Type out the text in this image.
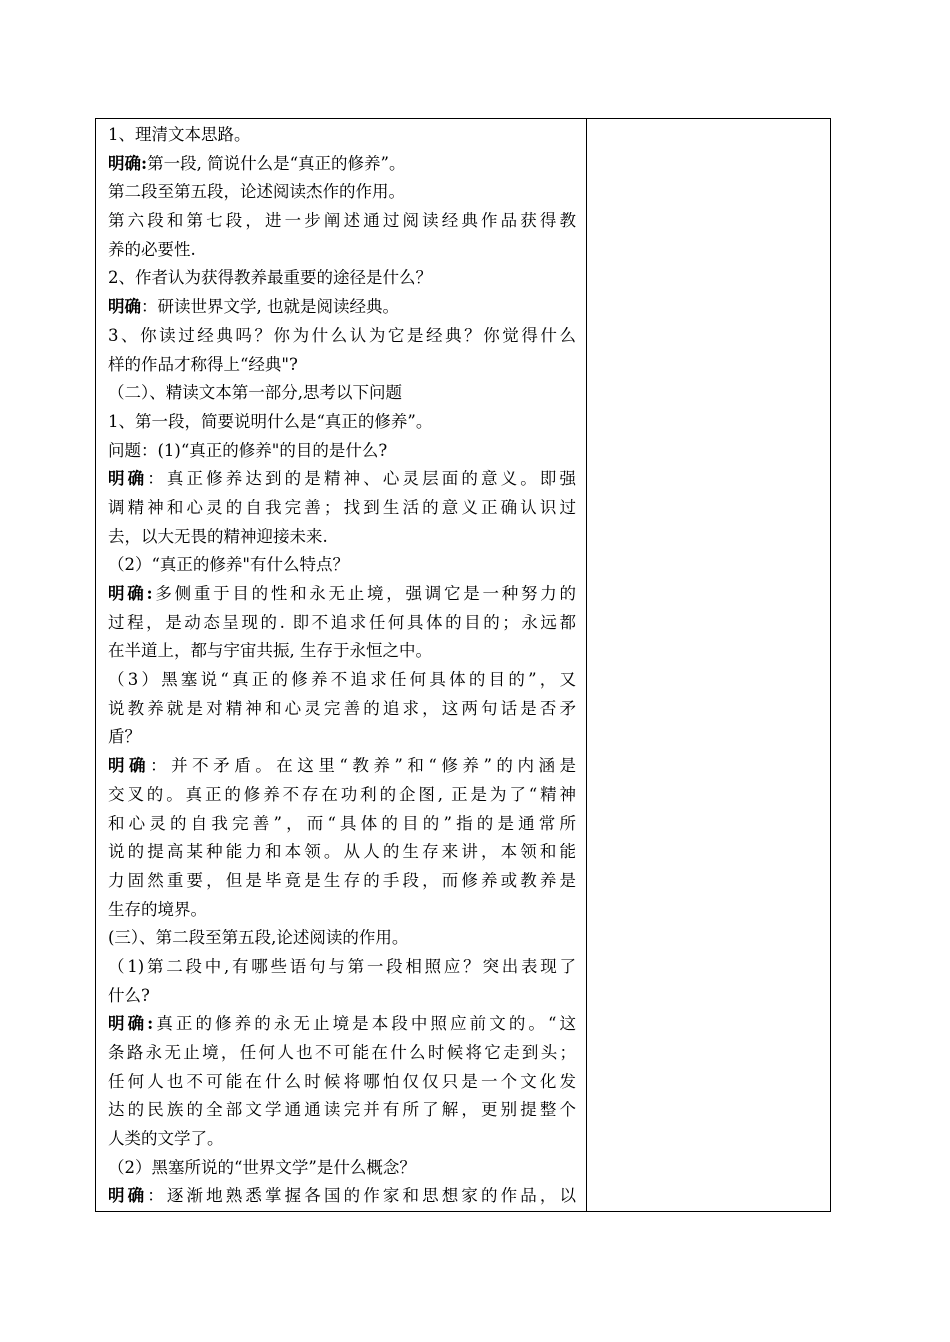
1、理清文本思路。
明确:第一段, 简说什么是“真正的修养”。
第二段至第五段，论述阅读杰作的作用。
第六段和第七段，进一步阐述通过阅读经典作品获得教
养的必要性.
2、作者认为获得教养最重要的途径是什么？
明确：研读世界文学, 也就是阅读经典。
3、你读过经典吗？你为什么认为它是经典？你觉得什么
样的作品才称得上“经典"?
（二）、精读文本第一部分,思考以下问题
1、第一段，简要说明什么是“真正的修养”。
问题：(1)“真正的修养"的目的是什么?
明确：真正修养达到的是精神、心灵层面的意义。即强
调精神和心灵的自我完善；找到生活的意义正确认识过
去，以大无畏的精神迎接未来.
（2）“真正的修养"有什么特点？
明确:多侧重于目的性和永无止境，强调它是一种努力的
过程，是动态呈现的. 即不追求任何具体的目的；永远都
在半道上，都与宇宙共振, 生存于永恒之中。
（3）黑塞说“真正的修养不追求任何具体的目的”，又
说教养就是对精神和心灵完善的追求，这两句话是否矛
盾？
明确：并不矛盾。在这里“教养”和“修养”的内涵是
交叉的。真正的修养不存在功利的企图, 正是为了“精神
和心灵的自我完善”，而“具体的目的”指的是通常所
说的提高某种能力和本领。从人的生存来讲，本领和能
力固然重要，但是毕竟是生存的手段，而修养或教养是
生存的境界。
(三）、第二段至第五段,论述阅读的作用。
（1)第二段中,有哪些语句与第一段相照应？突出表现了
什么?
明确:真正的修养的永无止境是本段中照应前文的。“这
条路永无止境，任何人也不可能在什么时候将它走到头；
任何人也不可能在什么时候将哪怕仅仅只是一个文化发
达的民族的全部文学通通读完并有所了解，更别提整个
人类的文学了。
（2）黑塞所说的“世界文学”是什么概念？
明确：逐渐地熟悉掌握各国的作家和思想家的作品，以
